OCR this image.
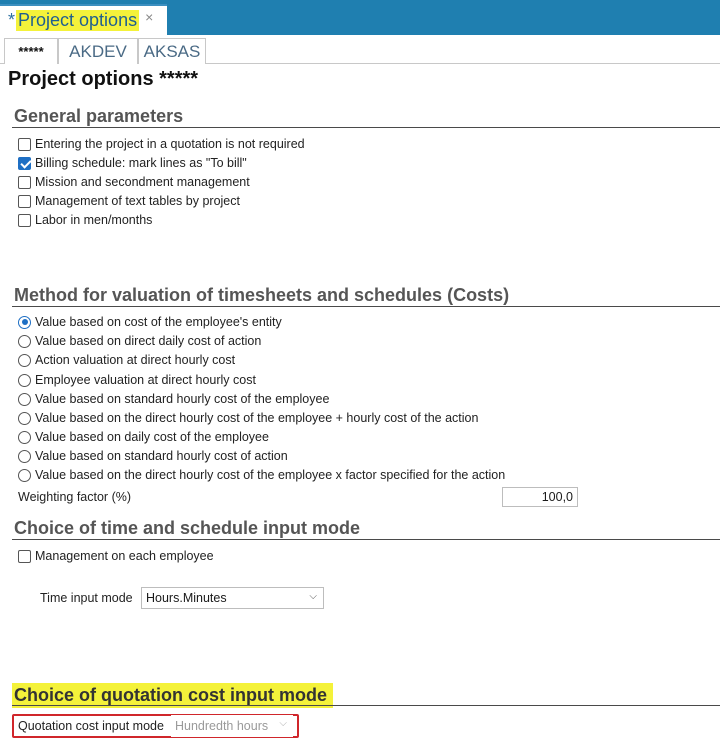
* Project options ×
*****	AKDEV AKSAS
Project options *****
General parameters
Entering the project in a quotation is not required
Billing schedule: mark lines as "To bill"
Mission and secondment management
Management of text tables by project
Labor in men/months
Method for valuation of timesheets and schedules (Costs)
Value based on cost of the employee's entity
Value based on direct daily cost of action
Action valuation at direct hourly cost
Employee valuation at direct hourly cost
Value based on standard hourly cost of the employee
Value based on the direct hourly cost of the employee + hourly cost of the action
Value based on daily cost of the employee
Value based on standard hourly cost of action
Value based on the direct hourly cost of the employee x factor specified for the action
Weighting factor (%)	100,0
Choice of time and schedule input mode
Management on each employee
Time input mode Hours.Minutes	⌵
Choice of quotation cost input mode
Quotation cost input mode Hundredth hours ⌵
